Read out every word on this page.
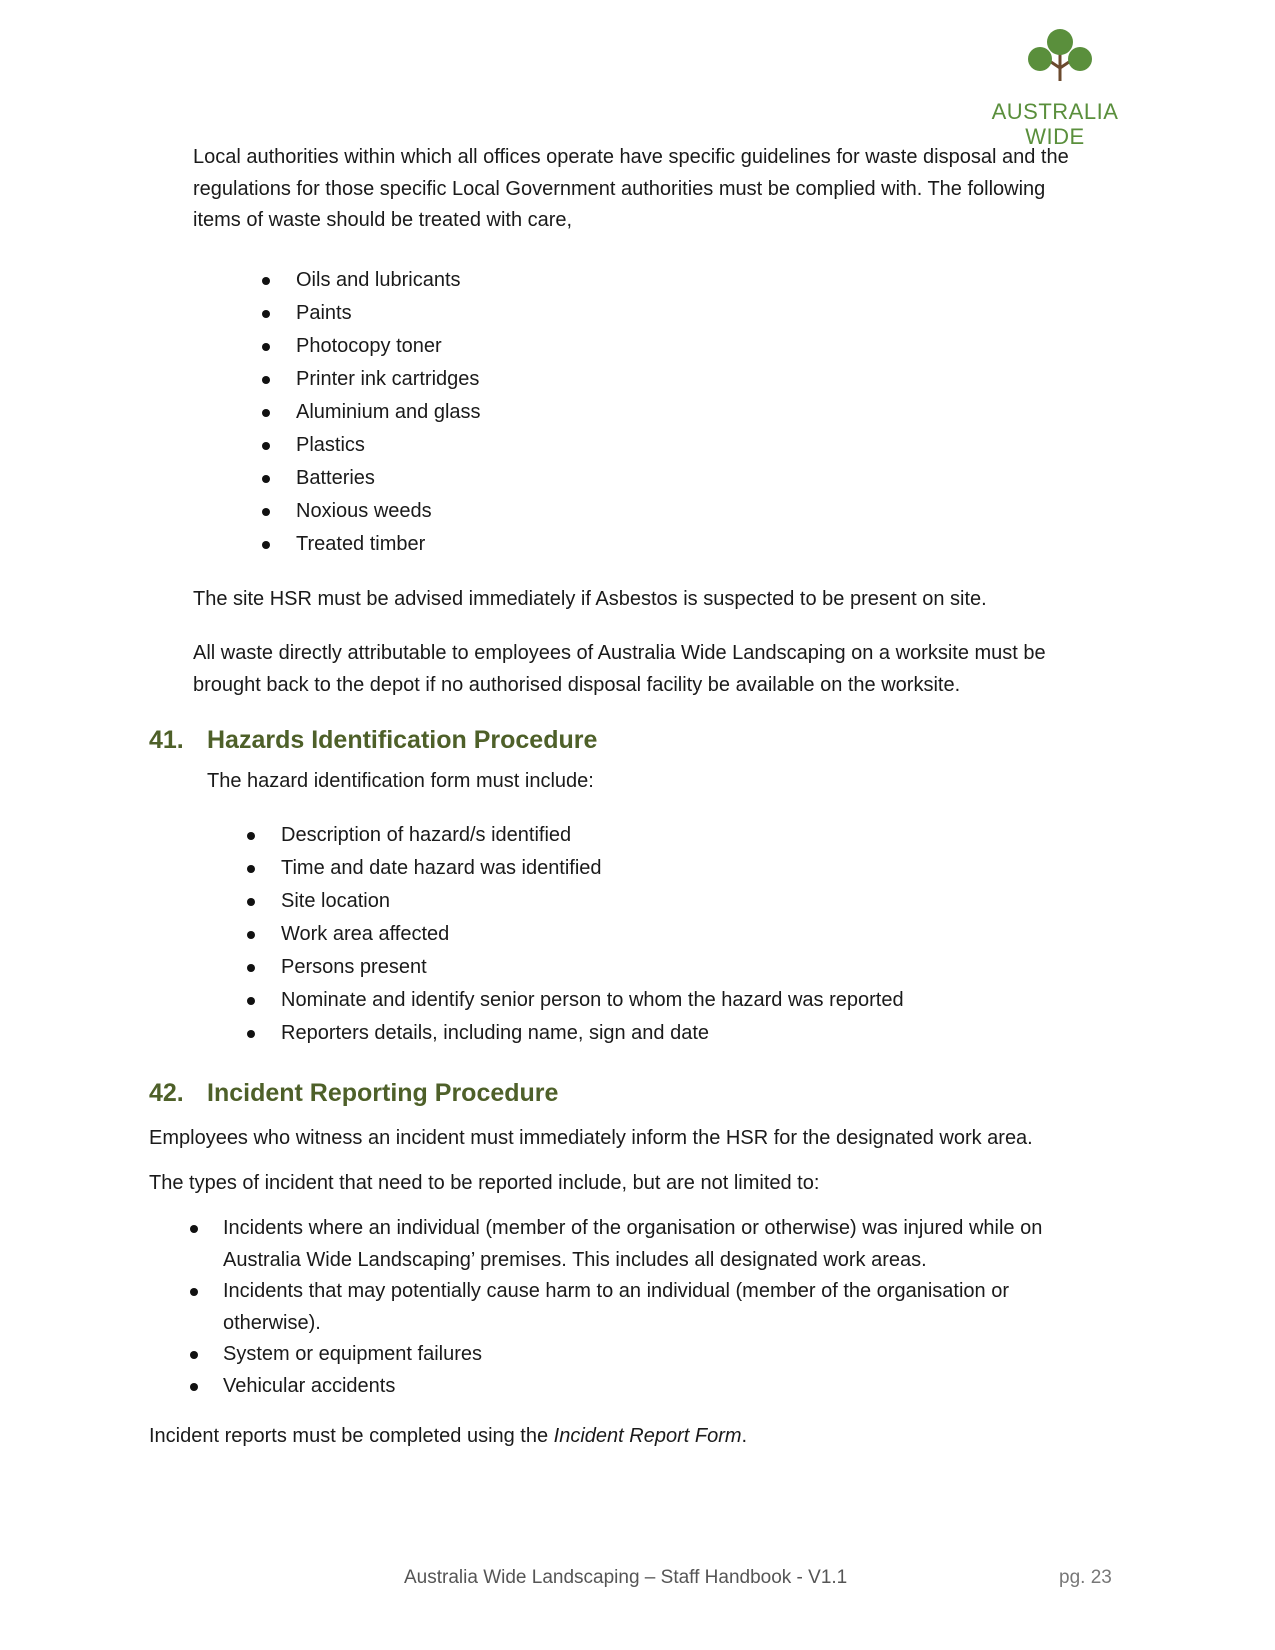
AUSTRALIA
WIDE

Local authorities within which all offices operate have specific guidelines for waste disposal and the regulations for those specific Local Government authorities must be complied with. The following items of waste should be treated with care,

Oils and lubricants
Paints
Photocopy toner
Printer ink cartridges
Aluminium and glass
Plastics
Batteries
Noxious weeds
Treated timber

The site HSR must be advised immediately if Asbestos is suspected to be present on site.

All waste directly attributable to employees of Australia Wide Landscaping on a worksite must be brought back to the depot if no authorised disposal facility be available on the worksite.

41. Hazards Identification Procedure

The hazard identification form must include:

Description of hazard/s identified
Time and date hazard was identified
Site location
Work area affected
Persons present
Nominate and identify senior person to whom the hazard was reported
Reporters details, including name, sign and date
42. Incident Reporting Procedure

Employees who witness an incident must immediately inform the HSR for the designated work area.

The types of incident that need to be reported include, but are not limited to:

Incidents where an individual (member of the organisation or otherwise) was injured while on Australia Wide Landscaping’ premises. This includes all designated work areas.
Incidents that may potentially cause harm to an individual (member of the organisation or otherwise).
System or equipment failures
Vehicular accidents

Incident reports must be completed using the Incident Report Form.

Australia Wide Landscaping – Staff Handbook - V1.1	pg. 23
